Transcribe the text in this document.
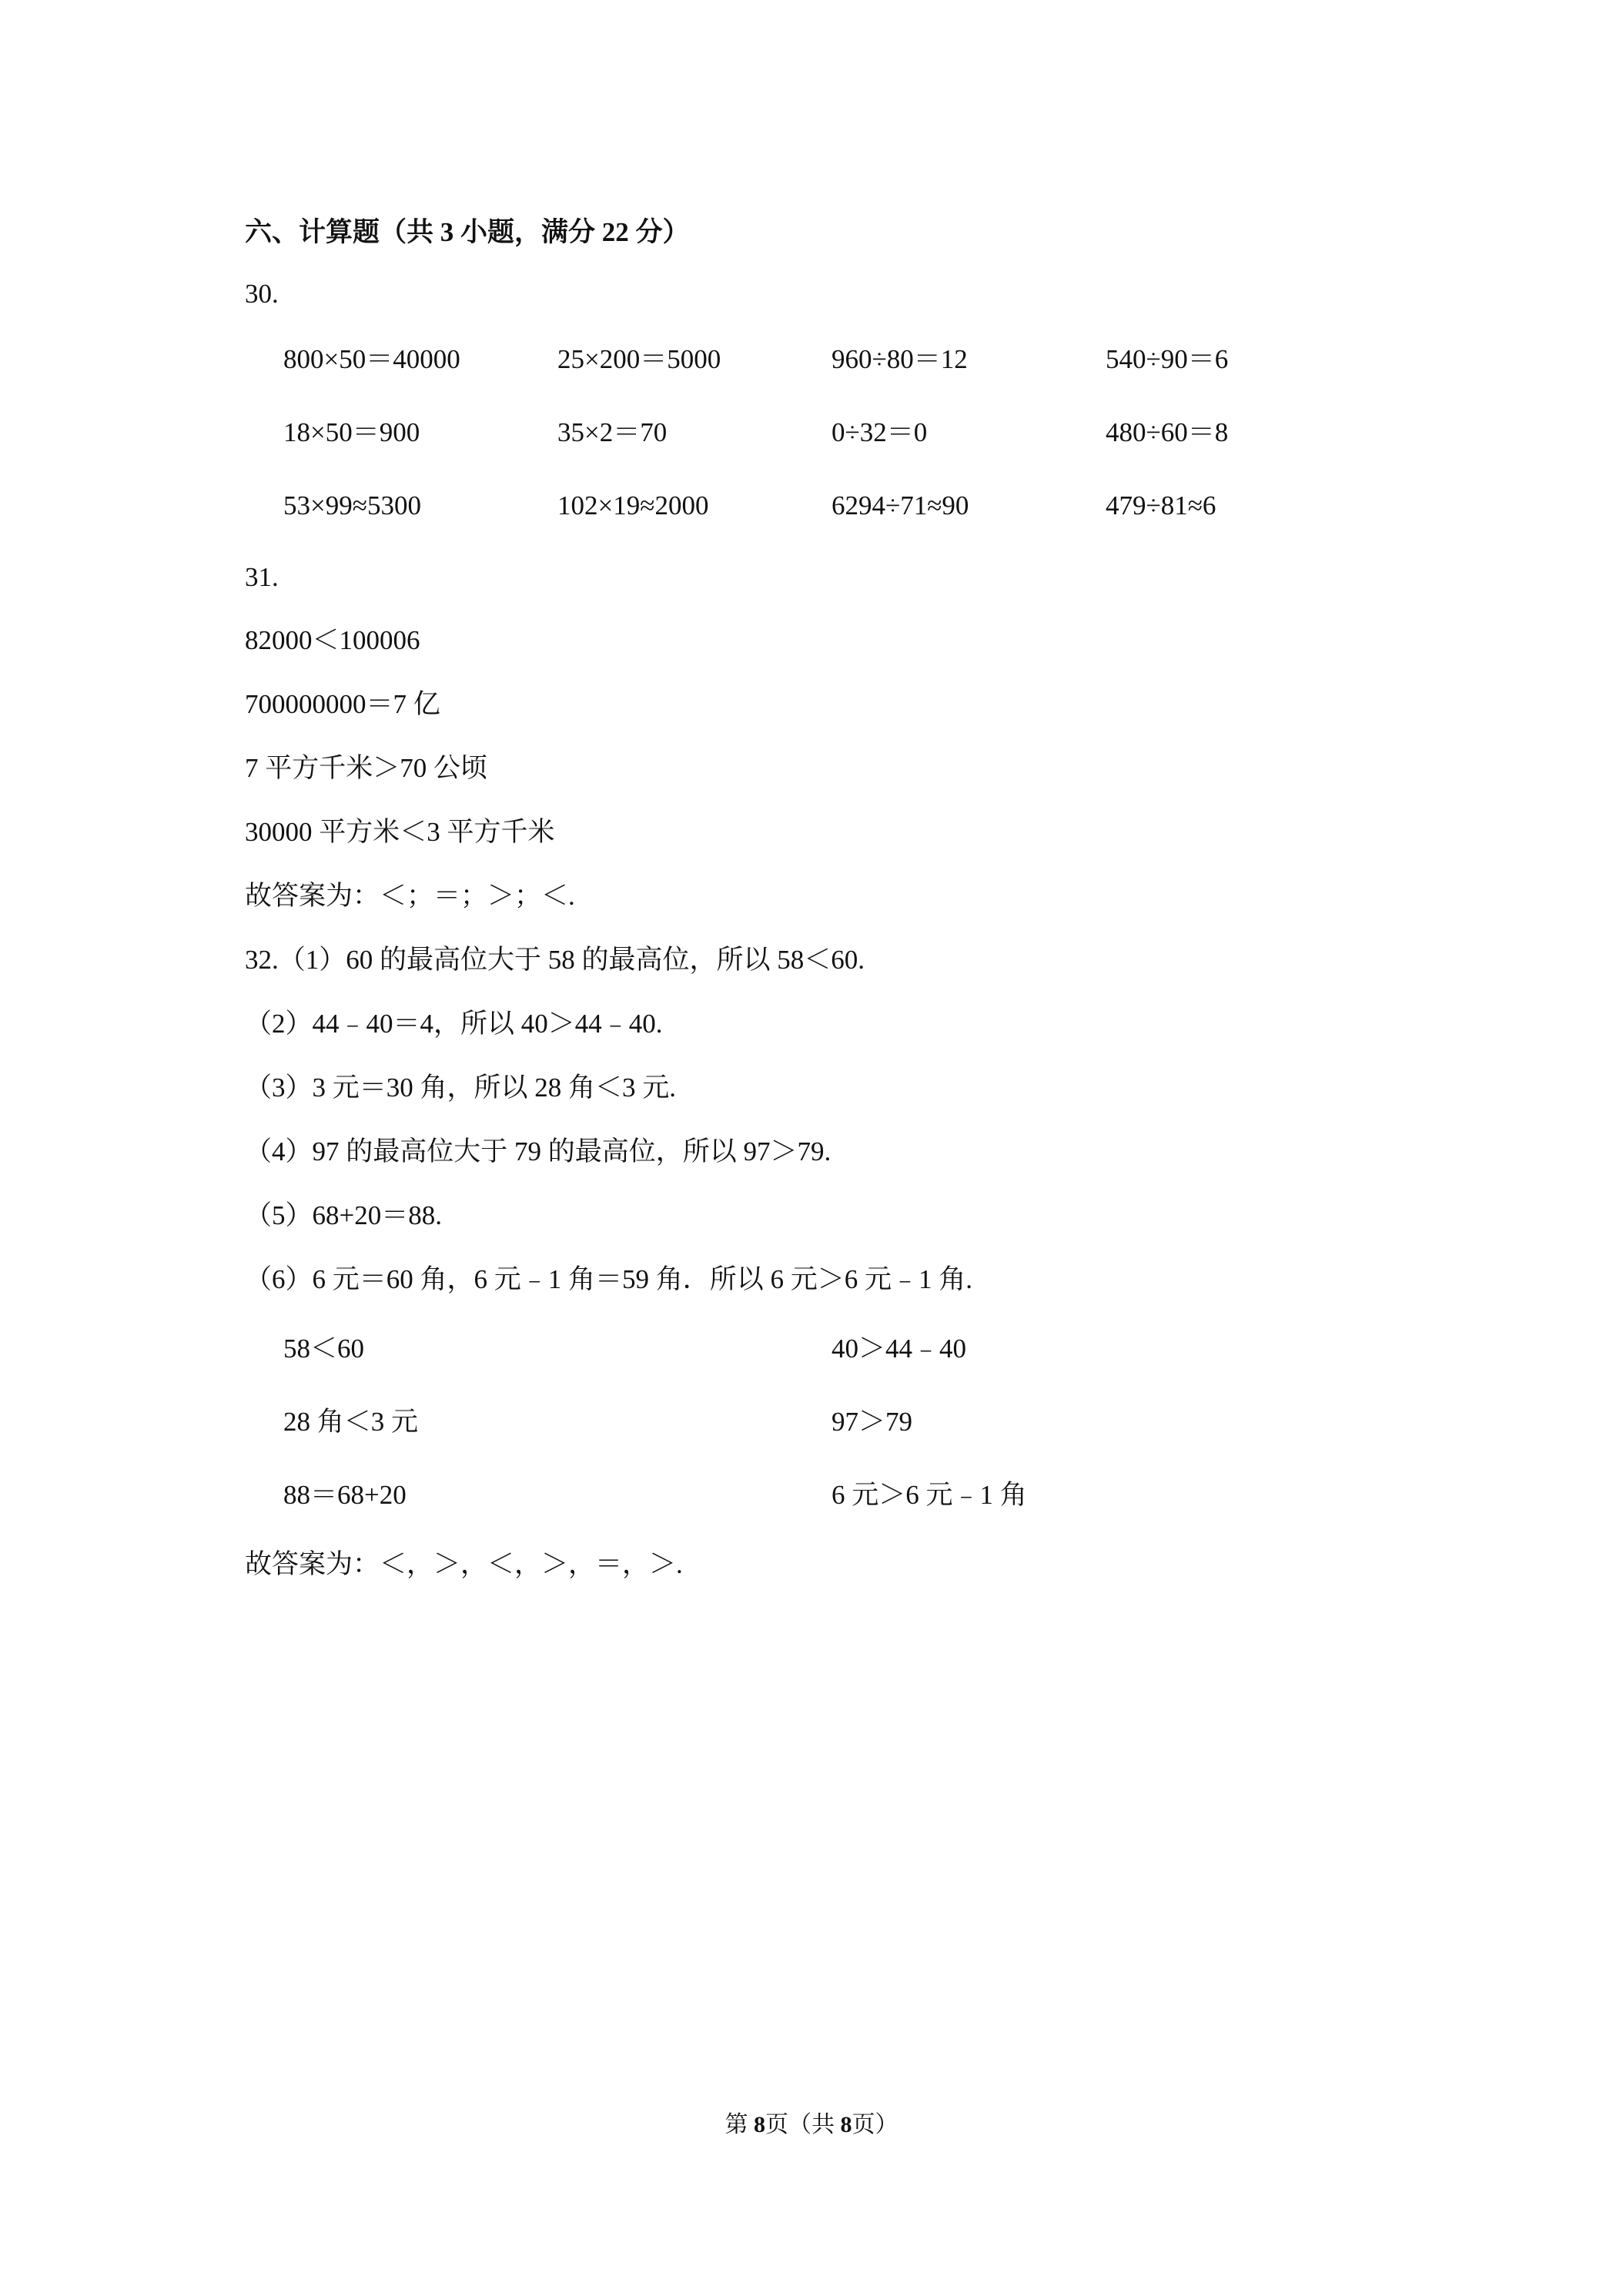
六、计算题（共 3 小题，满分 22 分）
30.
800×50＝40000	25×200＝5000	960÷80＝12	540÷90＝6
18×50＝900	35×2＝70	0÷32＝0	480÷60＝8
53×99≈5300	102×19≈2000	6294÷71≈90	479÷81≈6
31.
82000＜100006
700000000＝7 亿
7 平方千米＞70 公顷
30000 平方米＜3 平方千米
故答案为：＜；＝；＞；＜.
32.（1）60 的最高位大于 58 的最高位，所以 58＜60.
（2）44﹣40＝4，所以 40＞44﹣40.
（3）3 元＝30 角，所以 28 角＜3 元.
（4）97 的最高位大于 79 的最高位，所以 97＞79.
（5）68+20＝88.
（6）6 元＝60 角，6 元﹣1 角＝59 角．所以 6 元＞6 元﹣1 角.
58＜60	40＞44﹣40
28 角＜3 元	97＞79
88＝68+20	6 元＞6 元﹣1 角
故答案为：＜，＞，＜，＞，＝，＞.
第 8页（共 8页）
